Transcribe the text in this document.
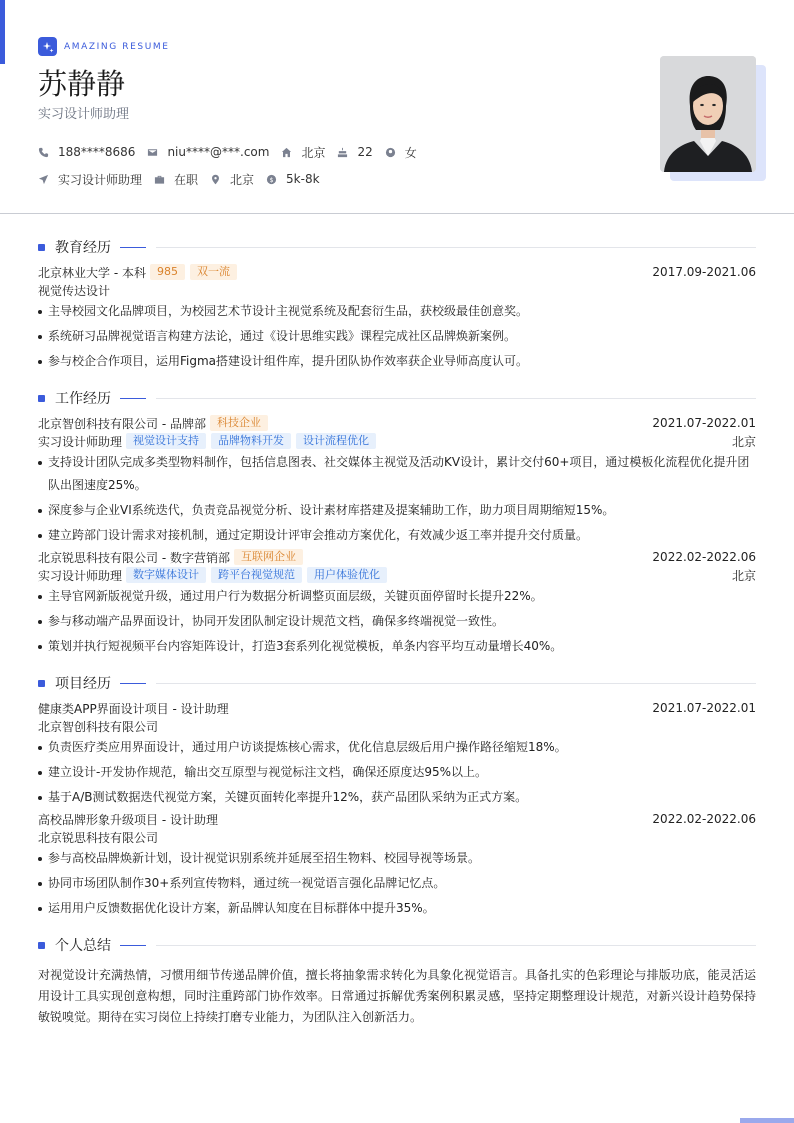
AMAZING RESUME
苏静静
实习设计师助理
188****8686	niu****@***.com	北京	22	女
实习设计师助理	在职	北京 $ 5k-8k
教育经历
北京林业大学 - 本科	985	双一流	2017.09-2021.06
视觉传达设计
主导校园文化品牌项目，为校园艺术节设计主视觉系统及配套衍生品，获校级最佳创意奖。
系统研习品牌视觉语言构建方法论，通过《设计思维实践》课程完成社区品牌焕新案例。
参与校企合作项目，运用Figma搭建设计组件库，提升团队协作效率获企业导师高度认可。
工作经历
北京智创科技有限公司 - 品牌部	科技企业	2021.07-2022.01
实习设计师助理	视觉设计支持	品牌物料开发	设计流程优化	北京
支持设计团队完成多类型物料制作，包括信息图表、社交媒体主视觉及活动KV设计，累计交付60+项目，通过模板化流程优化提升团队出图速度25%。
深度参与企业VI系统迭代，负责竞品视觉分析、设计素材库搭建及提案辅助工作，助力项目周期缩短15%。
建立跨部门设计需求对接机制，通过定期设计评审会推动方案优化，有效减少返工率并提升交付质量。
北京锐思科技有限公司 - 数字营销部	互联网企业	2022.02-2022.06
实习设计师助理	数字媒体设计	跨平台视觉规范	用户体验优化	北京
主导官网新版视觉升级，通过用户行为数据分析调整页面层级，关键页面停留时长提升22%。
参与移动端产品界面设计，协同开发团队制定设计规范文档，确保多终端视觉一致性。
策划并执行短视频平台内容矩阵设计，打造3套系列化视觉模板，单条内容平均互动量增长40%。
项目经历
健康类APP界面设计项目 - 设计助理	2021.07-2022.01
北京智创科技有限公司
负责医疗类应用界面设计，通过用户访谈提炼核心需求，优化信息层级后用户操作路径缩短18%。
建立设计-开发协作规范，输出交互原型与视觉标注文档，确保还原度达95%以上。
基于A/B测试数据迭代视觉方案，关键页面转化率提升12%，获产品团队采纳为正式方案。
高校品牌形象升级项目 - 设计助理	2022.02-2022.06
北京锐思科技有限公司
参与高校品牌焕新计划，设计视觉识别系统并延展至招生物料、校园导视等场景。
协同市场团队制作30+系列宣传物料，通过统一视觉语言强化品牌记忆点。
运用用户反馈数据优化设计方案，新品牌认知度在目标群体中提升35%。
个人总结

对视觉设计充满热情，习惯用细节传递品牌价值，擅长将抽象需求转化为具象化视觉语言。具备扎实的色彩理论与排版功底，能灵活运用设计工具实现创意构想，同时注重跨部门协作效率。日常通过拆解优秀案例积累灵感，坚持定期整理设计规范，对新兴设计趋势保持敏锐嗅觉。期待在实习岗位上持续打磨专业能力，为团队注入创新活力。
